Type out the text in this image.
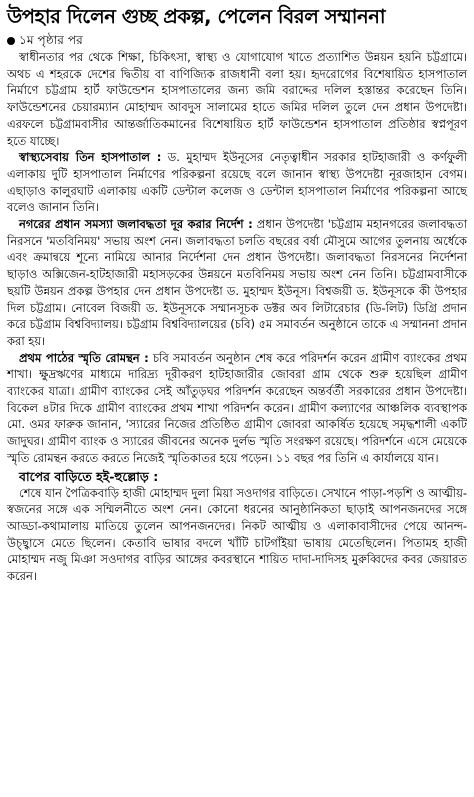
উপহার দিলেন গুচ্ছ প্রকল্প, পেলেন বিরল সম্মাননা
১ম পৃষ্ঠার পর

স্বাধীনতার পর থেকে শিক্ষা, চিকিৎসা, স্বাস্থ্য ও যোগাযোগ খাতে প্রত্যাশিত উন্নয়ন হয়নি চট্টগ্রামে। অথচ এ শহরকে দেশের দ্বিতীয় বা বাণিজ্যিক রাজধানী বলা হয়। হৃদরোগের বিশেষায়িত হাসপাতাল নির্মাণে চট্টগ্রাম হার্ট ফাউন্ডেশন হাসপাতালের জন্য জমি বরাদ্দের দলিল হস্তান্তর করেছেন তিনি। ফাউন্ডেশনের চেয়ারম্যান মোহাম্মদ আবদুস সালামের হাতে জমির দলিল তুলে দেন প্রধান উপদেষ্টা। এরফলে চট্টগ্রামবাসীর আন্তর্জাতিকমানের বিশেষায়িত হার্ট ফাউন্ডেশন হাসপাতাল প্রতিষ্ঠার স্বপ্নপূরণ হতে যাচ্ছে।

স্বাস্থ্যসেবায় তিন হাসপাতাল : ড. মুহাম্মদ ইউনূসের নেতৃত্বাধীন সরকার হাটহাজারী ও কর্ণফুলী এলাকায় দুটি হাসপাতাল নির্মাণের পরিকল্পনা রয়েছে বলে জানান স্বাস্থ্য উপদেষ্টা নূরজাহান বেগম। এছাড়াও কালুরঘাট এলাকায় একটি ডেন্টাল কলেজ ও ডেন্টাল হাসপাতাল নির্মাণের পরিকল্পনা আছে বলেও জানান তিনি।

নগরের প্রধান সমস্যা জলাবদ্ধতা দূর করার নির্দেশ : প্রধান উপদেষ্টা 'চট্টগ্রাম মহানগরের জলাবদ্ধতা নিরসনে 'মতবিনিময়' সভায় অংশ নেন। জলাবদ্ধতা চলতি বছরের বর্ষা মৌসুমে আগের তুলনায় অর্ধেকে এবং ক্রমান্বয়ে শূন্যে নামিয়ে আনার নির্দেশনা দেন প্রধান উপদেষ্টা। জলাবদ্ধতা নিরসনের নির্দেশনা ছাড়াও অক্সিজেন-হাটহাজারী মহাসড়কের উন্নয়নে মতবিনিময় সভায় অংশ নেন তিনি। চট্টগ্রামবাসীকে ছয়টি উন্নয়ন প্রকল্প উপহার দেন প্রধান উপদেষ্টা ড. মুহাম্মদ ইউনূস। বিশ্বজয়ী ড. ইউনূসকে কী উপহার দিল চট্টগ্রাম। নোবেল বিজয়ী ড. ইউনূসকে সম্মানসূচক ডক্টর অব লিটারেচার (ডি-লিট) ডিগ্রি প্রদান করে চট্টগ্রাম বিশ্ববিদ্যালয়। চট্টগ্রাম বিশ্ববিদ্যালয়ের (চবি) ৫ম সমাবর্তন অনুষ্ঠানে তাকে এ সম্মাননা প্রদান করা হয়।

প্রথম পাঠের স্মৃতি রোমন্থন : চবি সমাবর্তন অনুষ্ঠান শেষ করে পরিদর্শন করেন গ্রামীণ ব্যাংকের প্রথম শাখা। ক্ষুদ্রঋণের মাধ্যমে দারিদ্র্য দূরীকরণ হাটহাজারীর জোবরা গ্রাম থেকে শুরু হয়েছিল গ্রামীণ ব্যাংকের যাত্রা। গ্রামীণ ব্যাংকের সেই আঁতুড়ঘর পরিদর্শন করেছেন অন্তর্বর্তী সরকারের প্রধান উপদেষ্টা। বিকেল ৪টার দিকে গ্রামীণ ব্যাংকের প্রথম শাখা পরিদর্শন করেন। গ্রামীণ কল্যাণের আঞ্চলিক ব্যবস্থাপক মো. ওমর ফারুক জানান, 'স্যারের নিজের প্রতিষ্ঠিত গ্রামীণ জোবরা আকর্ষিত হয়েছে সমৃদ্ধশালী একটি জাদুঘর। গ্রামীণ ব্যাংক ও স্যারের জীবনের অনেক দুর্লভ স্মৃতি সংরক্ষণ রয়েছে। পরিদর্শনে এসে মেয়েকে স্মৃতি রোমন্থন করতে করতে নিজেই স্মৃতিকাতর হয়ে পড়েন। ১১ বছর পর তিনি এ কার্যালয়ে যান।

বাপের বাড়িতে হই-হুল্লোড় :

শেষে যান পৈত্রিকবাড়ি হাজী মোহাম্মদ দুলা মিয়া সওদাগর বাড়িতে। সেখানে পাড়া-পড়শি ও আত্মীয়-স্বজনের সঙ্গে এক সম্মিলনীতে অংশ নেন। কোনো ধরনের আনুষ্ঠানিকতা ছাড়াই আপনজনদের সঙ্গে আড্ডা-কথামালায় মাতিয়ে তুলেন আপনজনদের। নিকট আত্মীয় ও এলাকাবাসীদের পেয়ে আনন্দ-উচ্ছ্বাসে মেতে ছিলেন। কেতাবি ভাষার বদলে খাঁটি চাটগাঁইয়া ভাষায় মেতেছিলেন। পিতামহ হাজী মোহাম্মদ নজু মিঞা সওদাগর বাড়ির আঙ্গের কবরস্থানে শায়িত দাদা-দাদিসহ মুরুব্বিদের কবর জেয়ারত করেন।
